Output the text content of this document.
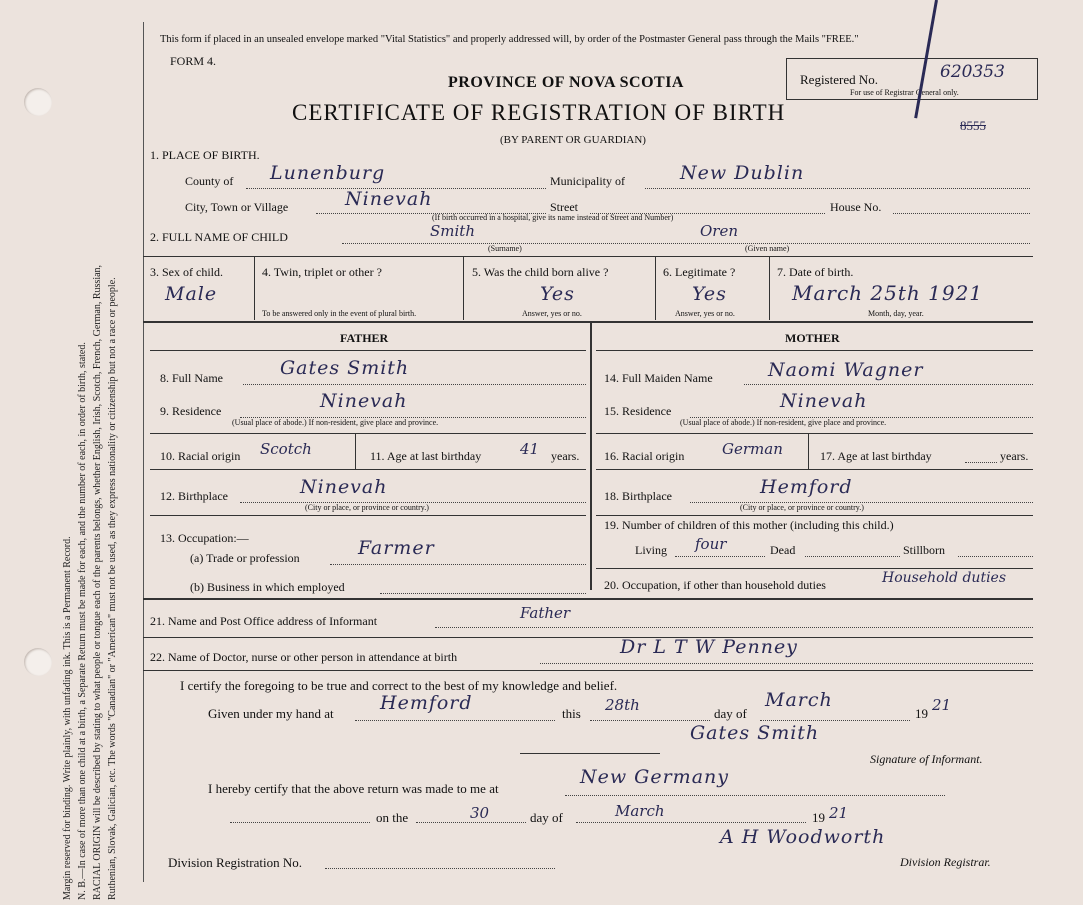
Margin reserved for binding. Write plainly, with unfading ink. This is a Permanent Record. N. B.—In case of more than one child at a birth, a Separate Return must be made for each, and the number of each, in order of birth, stated. RACIAL ORIGIN will be described by stating to what people or tongue each of the parents belongs, whether English, Irish, Scotch, French, German, Russian, Ruthenian, Slovak, Galician, etc. The words "Canadian" or "American" must not be used, as they express nationality or citizenship but not a race or people.
This form if placed in an unsealed envelope marked "Vital Statistics" and properly addressed will, by order of the Postmaster General pass through the Mails "FREE."
FORM 4.
PROVINCE OF NOVA SCOTIA
CERTIFICATE OF REGISTRATION OF BIRTH
(BY PARENT OR GUARDIAN)
Registered No.	620353
For use of Registrar General only.
8555
1. PLACE OF BIRTH.
County of Lunenburg	Municipality of	New Dublin
City, Town or Village	Ninevah	Street	House No.
(If birth occurred in a hospital, give its name instead of Street and Number)
2. FULL NAME OF CHILD	Smith
(Surname)
Oren
(Given name)
3. Sex of child.
Male
4. Twin, triplet or other ?
To be answered only in the event of plural birth.
5. Was the child born alive ?
Yes
Answer, yes or no.
6. Legitimate ?
Yes
Answer, yes or no.
7. Date of birth.
March 25th 1921
Month, day, year.
FATHER
8. Full Name	Gates Smith
9. Residence	Ninevah
(Usual place of abode.) If non-resident, give place and province.
10. Racial origin Scotch	11. Age at last birthday	41 years.
12. Birthplace	Ninevah
(City or place, or province or country.)
13. Occupation:—
(a) Trade or profession	Farmer
(b) Business in which employed
MOTHER
14. Full Maiden Name	Naomi Wagner
15. Residence	Ninevah
(Usual place of abode.) If non-resident, give place and province.
16. Racial origin	German	17. Age at last birthday	years.
18. Birthplace	Hemford
(City or place, or province or country.)
19. Number of children of this mother (including this child.)
Living four	Dead	Stillborn
20. Occupation, if other than household duties	Household duties
21. Name and Post Office address of Informant	Father
22. Name of Doctor, nurse or other person in attendance at birth	Dr L T W Penney
I certify the foregoing to be true and correct to the best of my knowledge and belief.
Given under my hand at Hemford	this 28th	day of
March
19 21
Gates Smith
Signature of Informant.
I hereby certify that the above return was made to me at
New Germany
on the	30	day of	March	19 21
Division Registration No.
A H Woodworth
Division Registrar.
